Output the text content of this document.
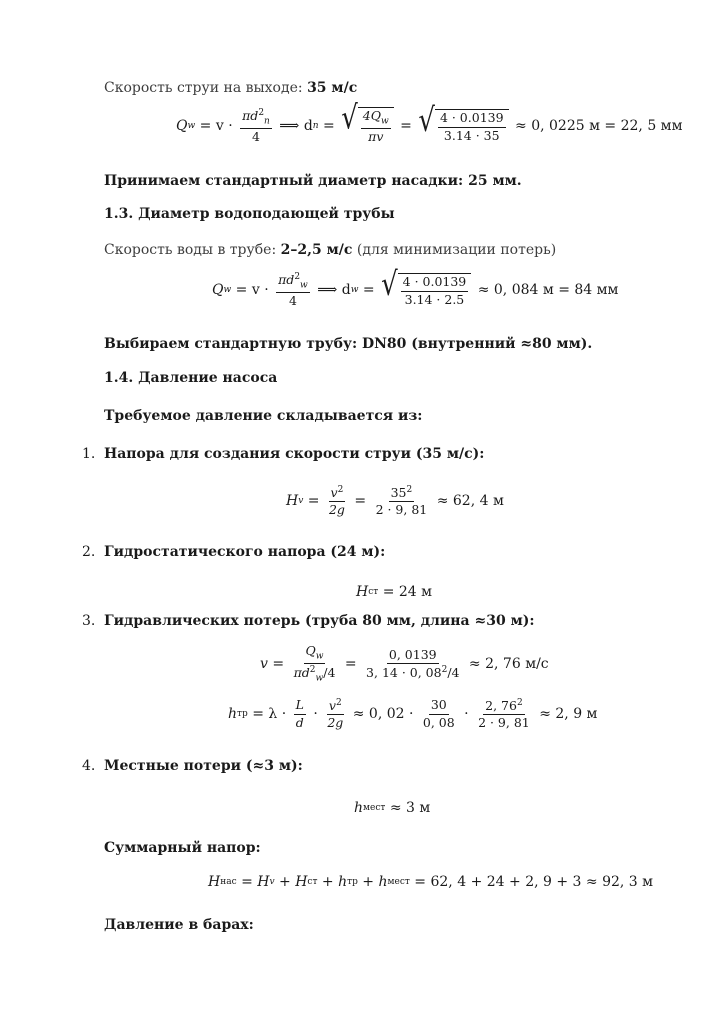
Скорость струи на выходе: 35 м/с
Q $w = v \cdot \frac{\pi d^2_n}{4}$ ⟹ d n = √ $\frac{4Q_w}{\pi v}$ = √ $\frac{4 \cdot 0.0139}{3.14 \cdot 35} \approx 0$, 0225 м = 22, 5 мм
Принимаем стандартный диаметр насадки: 25 мм.
1.3. Диаметр водоподающей трубы
Скорость воды в трубе: 2–2,5 м/с (для минимизации потерь)
Q $w = v \cdot \frac{\pi d^2_w}{4}$ ⟹ d w = √ $\frac{4 \cdot 0.0139}{3.14 \cdot 2.5} \approx 0$, 084 м = 84 мм
Выбираем стандартную трубу: DN80 (внутренний ≈80 мм).
1.4. Давление насоса
Требуемое давление складывается из:
1. Напора для создания скорости струи (35 м/с):
H $v = \frac{v^2}{2g} = \frac{35^2}{2 \cdot 9, 81} \approx 62$, 4 м
2. Гидростатического напора (24 м):
H ст = 24 м
3. Гидравлических потерь (труба 80 мм, длина ≈30 м):
$v = \frac{Q_w}{\pi d^2_w/4} = \frac{0, 0139}{3, 14 \cdot 0, 08^2/4} \approx 2$, 76 м/с
h тр = $\lambda \cdot \frac{L}{d} \cdot \frac{v^2}{2g} \approx 0$, $02 \cdot \frac{30}{0, 08} \cdot \frac{2, 76^2}{2 \cdot 9, 81} \approx 2$, 9 м
4. Местные потери (≈3 м):
h мест ≈ 3 м
Суммарный напор:
H нас = H v + H ст + h тр + h мест = 62, 4 + 24 + 2, 9 + 3 ≈ 92, 3 м
Давление в барах:
